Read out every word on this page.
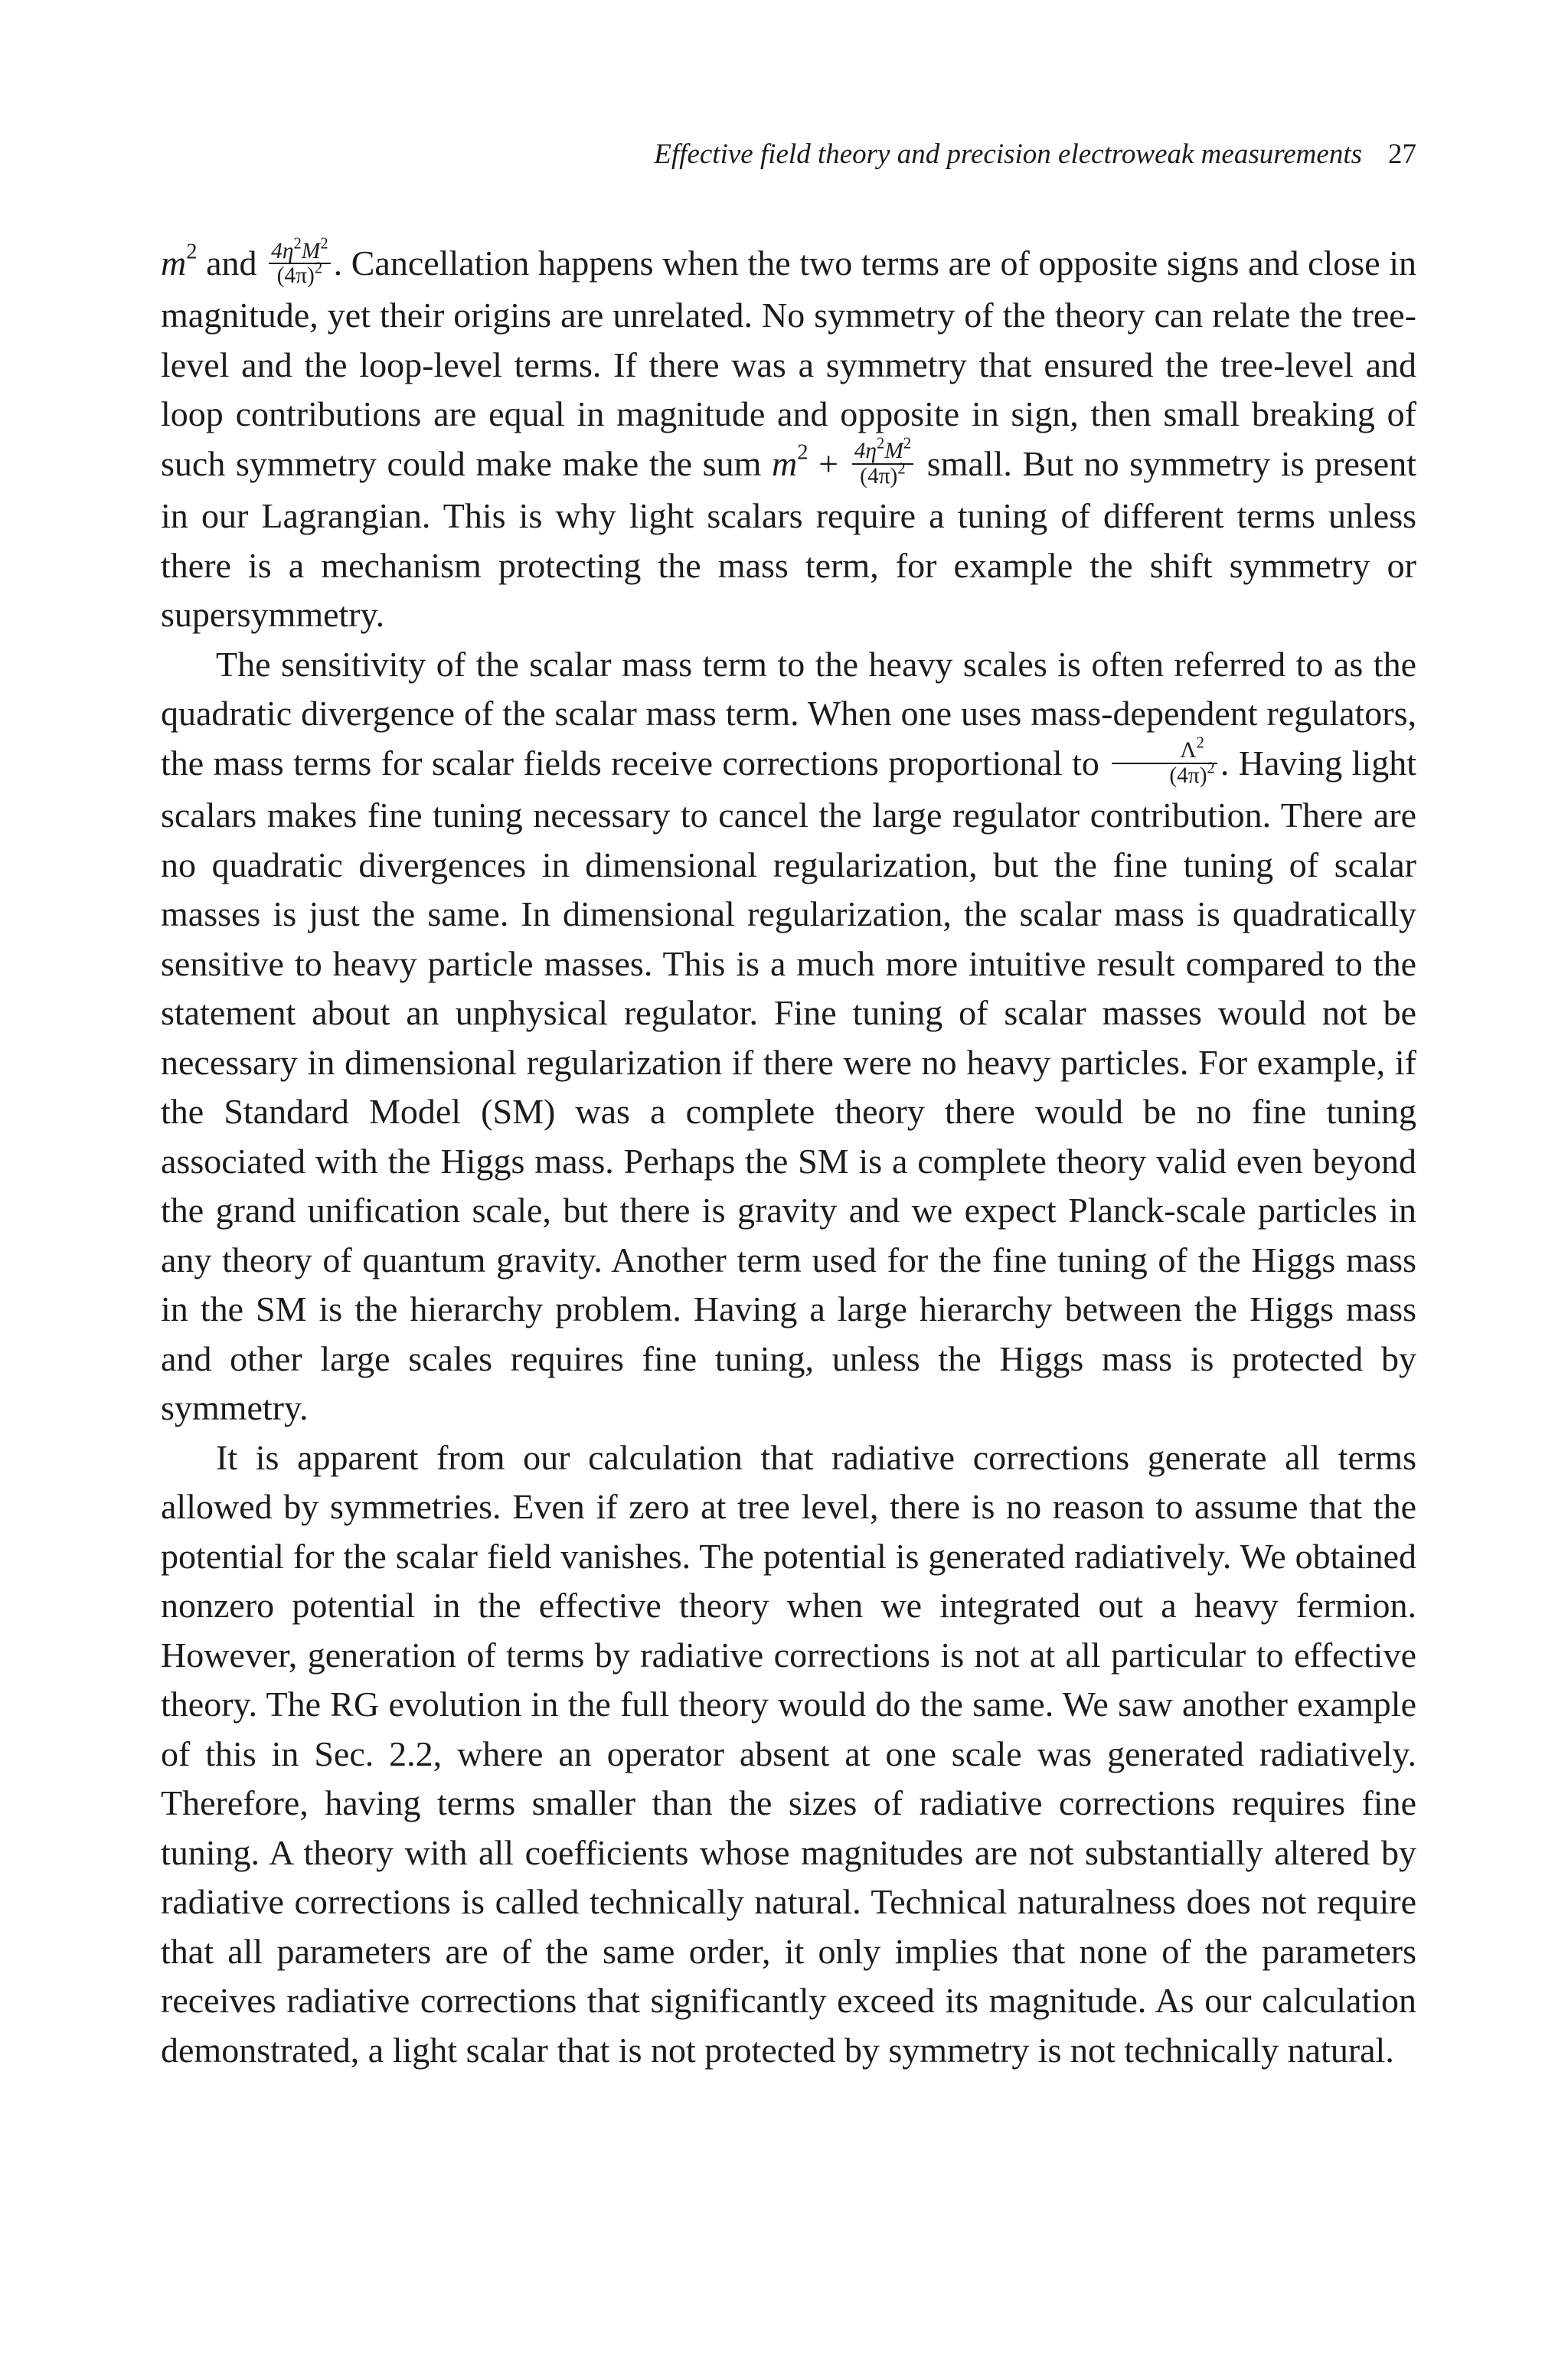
Effective field theory and precision electroweak measurements 27

$m^2$ and $\frac{4\eta^2M^2}{(4\pi)^2}$ . Cancellation happens when the two terms are of opposite signs and close in magnitude, yet their origins are unrelated. No symmetry of the theory can relate the tree-level and the loop-level terms. If there was a symmetry that ensured the tree-level and loop contributions are equal in magnitude and opposite in sign, then small breaking of such symmetry could make make the sum $m^2 + \frac{4\eta^2M^2}{(4\pi)^2}$ small. But no symmetry is present in our Lagrangian. This is why light scalars require a tuning of different terms unless there is a mechanism protecting the mass term, for example the shift symmetry or supersymmetry.

The sensitivity of the scalar mass term to the heavy scales is often referred to as the quadratic divergence of the scalar mass term. When one uses mass-dependent regulators, the mass terms for scalar fields receive corrections proportional to $\frac{\Lambda^2}{(4\pi)^2}$ . Having light scalars makes fine tuning necessary to cancel the large regulator contribution. There are no quadratic divergences in dimensional regularization, but the fine tuning of scalar masses is just the same. In dimensional regularization, the scalar mass is quadratically sensitive to heavy particle masses. This is a much more intuitive result compared to the statement about an unphysical regulator. Fine tuning of scalar masses would not be necessary in dimensional regularization if there were no heavy particles. For example, if the Standard Model (SM) was a complete theory there would be no fine tuning associated with the Higgs mass. Perhaps the SM is a complete theory valid even beyond the grand unification scale, but there is gravity and we expect Planck-scale particles in any theory of quantum gravity. Another term used for the fine tuning of the Higgs mass in the SM is the hierarchy problem. Having a large hierarchy between the Higgs mass and other large scales requires fine tuning, unless the Higgs mass is protected by symmetry.

It is apparent from our calculation that radiative corrections generate all terms allowed by symmetries. Even if zero at tree level, there is no reason to assume that the potential for the scalar field vanishes. The potential is generated radiatively. We obtained nonzero potential in the effective theory when we integrated out a heavy fermion. However, generation of terms by radiative corrections is not at all particular to effective theory. The RG evolution in the full theory would do the same. We saw another example of this in Sec. 2.2, where an operator absent at one scale was generated radiatively. Therefore, having terms smaller than the sizes of radiative corrections requires fine tuning. A theory with all coefficients whose magnitudes are not substantially altered by radiative corrections is called technically natural. Technical naturalness does not require that all parameters are of the same order, it only implies that none of the parameters receives radiative corrections that significantly exceed its magnitude. As our calculation demonstrated, a light scalar that is not protected by symmetry is not technically natural.
